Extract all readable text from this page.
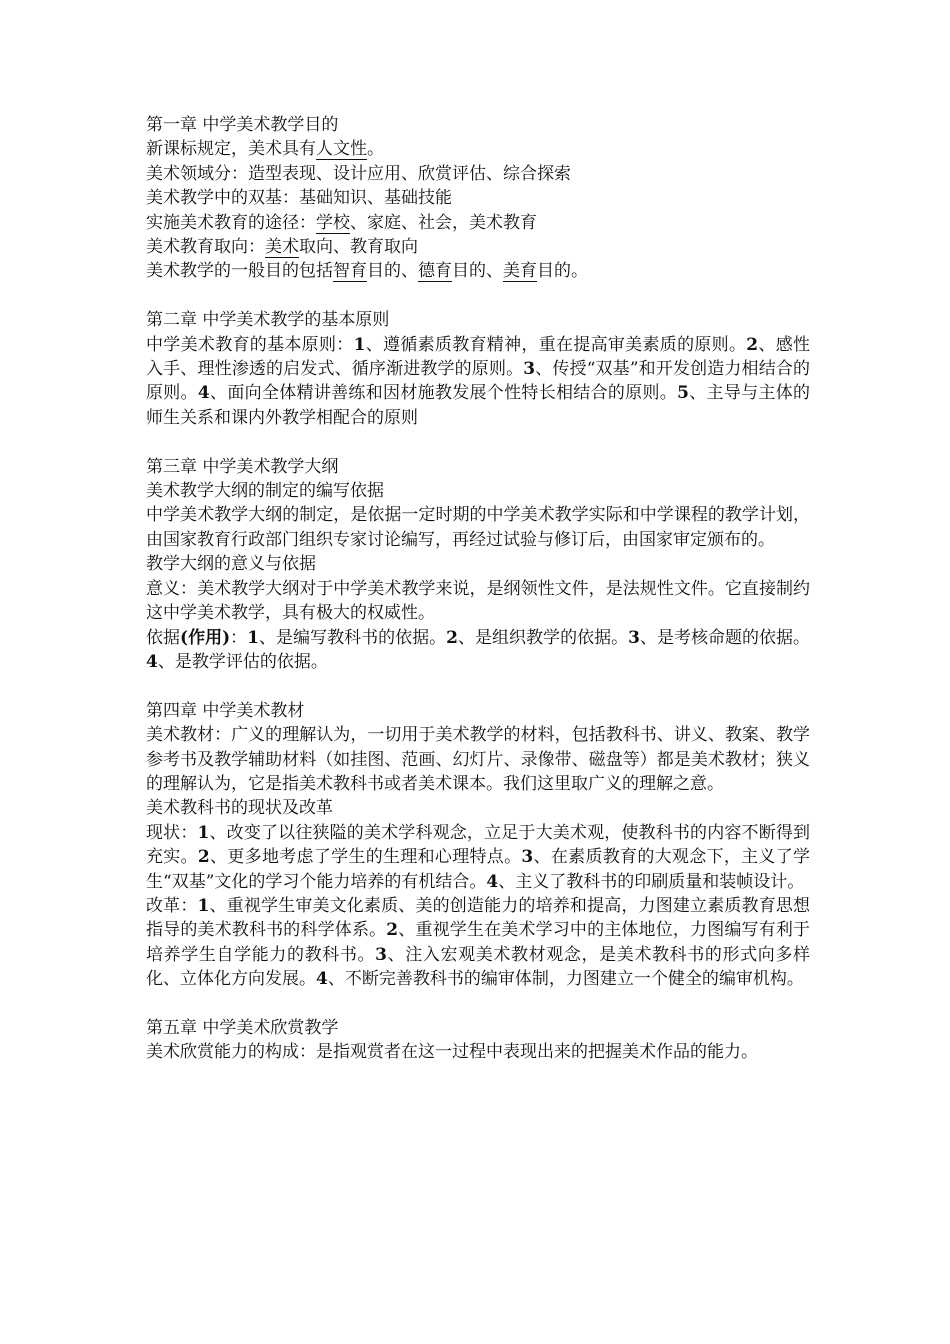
第一章 中学美术教学目的
新课标规定，美术具有人文性。
美术领域分：造型表现、设计应用、欣赏评估、综合探索
美术教学中的双基：基础知识、基础技能
实施美术教育的途径：学校、家庭、社会，美术教育
美术教育取向：美术取向、教育取向
美术教学的一般目的包括智育目的、德育目的、美育目的。
第二章 中学美术教学的基本原则
中学美术教育的基本原则：1、遵循素质教育精神，重在提高审美素质的原则。2、感性入手、理性渗透的启发式、循序渐进教学的原则。3、传授“双基”和开发创造力相结合的原则。4、面向全体精讲善练和因材施教发展个性特长相结合的原则。5、主导与主体的师生关系和课内外教学相配合的原则
第三章 中学美术教学大纲
美术教学大纲的制定的编写依据
中学美术教学大纲的制定，是依据一定时期的中学美术教学实际和中学课程的教学计划，由国家教育行政部门组织专家讨论编写，再经过试验与修订后，由国家审定颁布的。
教学大纲的意义与依据
意义：美术教学大纲对于中学美术教学来说，是纲领性文件，是法规性文件。它直接制约这中学美术教学，具有极大的权威性。
依据(作用)：1、是编写教科书的依据。2、是组织教学的依据。3、是考核命题的依据。4、是教学评估的依据。
第四章 中学美术教材
美术教材：广义的理解认为，一切用于美术教学的材料，包括教科书、讲义、教案、教学参考书及教学辅助材料（如挂图、范画、幻灯片、录像带、磁盘等）都是美术教材；狭义的理解认为，它是指美术教科书或者美术课本。我们这里取广义的理解之意。
美术教科书的现状及改革
现状：1、改变了以往狭隘的美术学科观念，立足于大美术观，使教科书的内容不断得到充实。2、更多地考虑了学生的生理和心理特点。3、在素质教育的大观念下，主义了学生“双基”文化的学习个能力培养的有机结合。4、主义了教科书的印刷质量和装帧设计。
改革：1、重视学生审美文化素质、美的创造能力的培养和提高，力图建立素质教育思想指导的美术教科书的科学体系。2、重视学生在美术学习中的主体地位，力图编写有利于培养学生自学能力的教科书。3、注入宏观美术教材观念，是美术教科书的形式向多样化、立体化方向发展。4、不断完善教科书的编审体制，力图建立一个健全的编审机构。
第五章 中学美术欣赏教学
美术欣赏能力的构成：是指观赏者在这一过程中表现出来的把握美术作品的能力。
